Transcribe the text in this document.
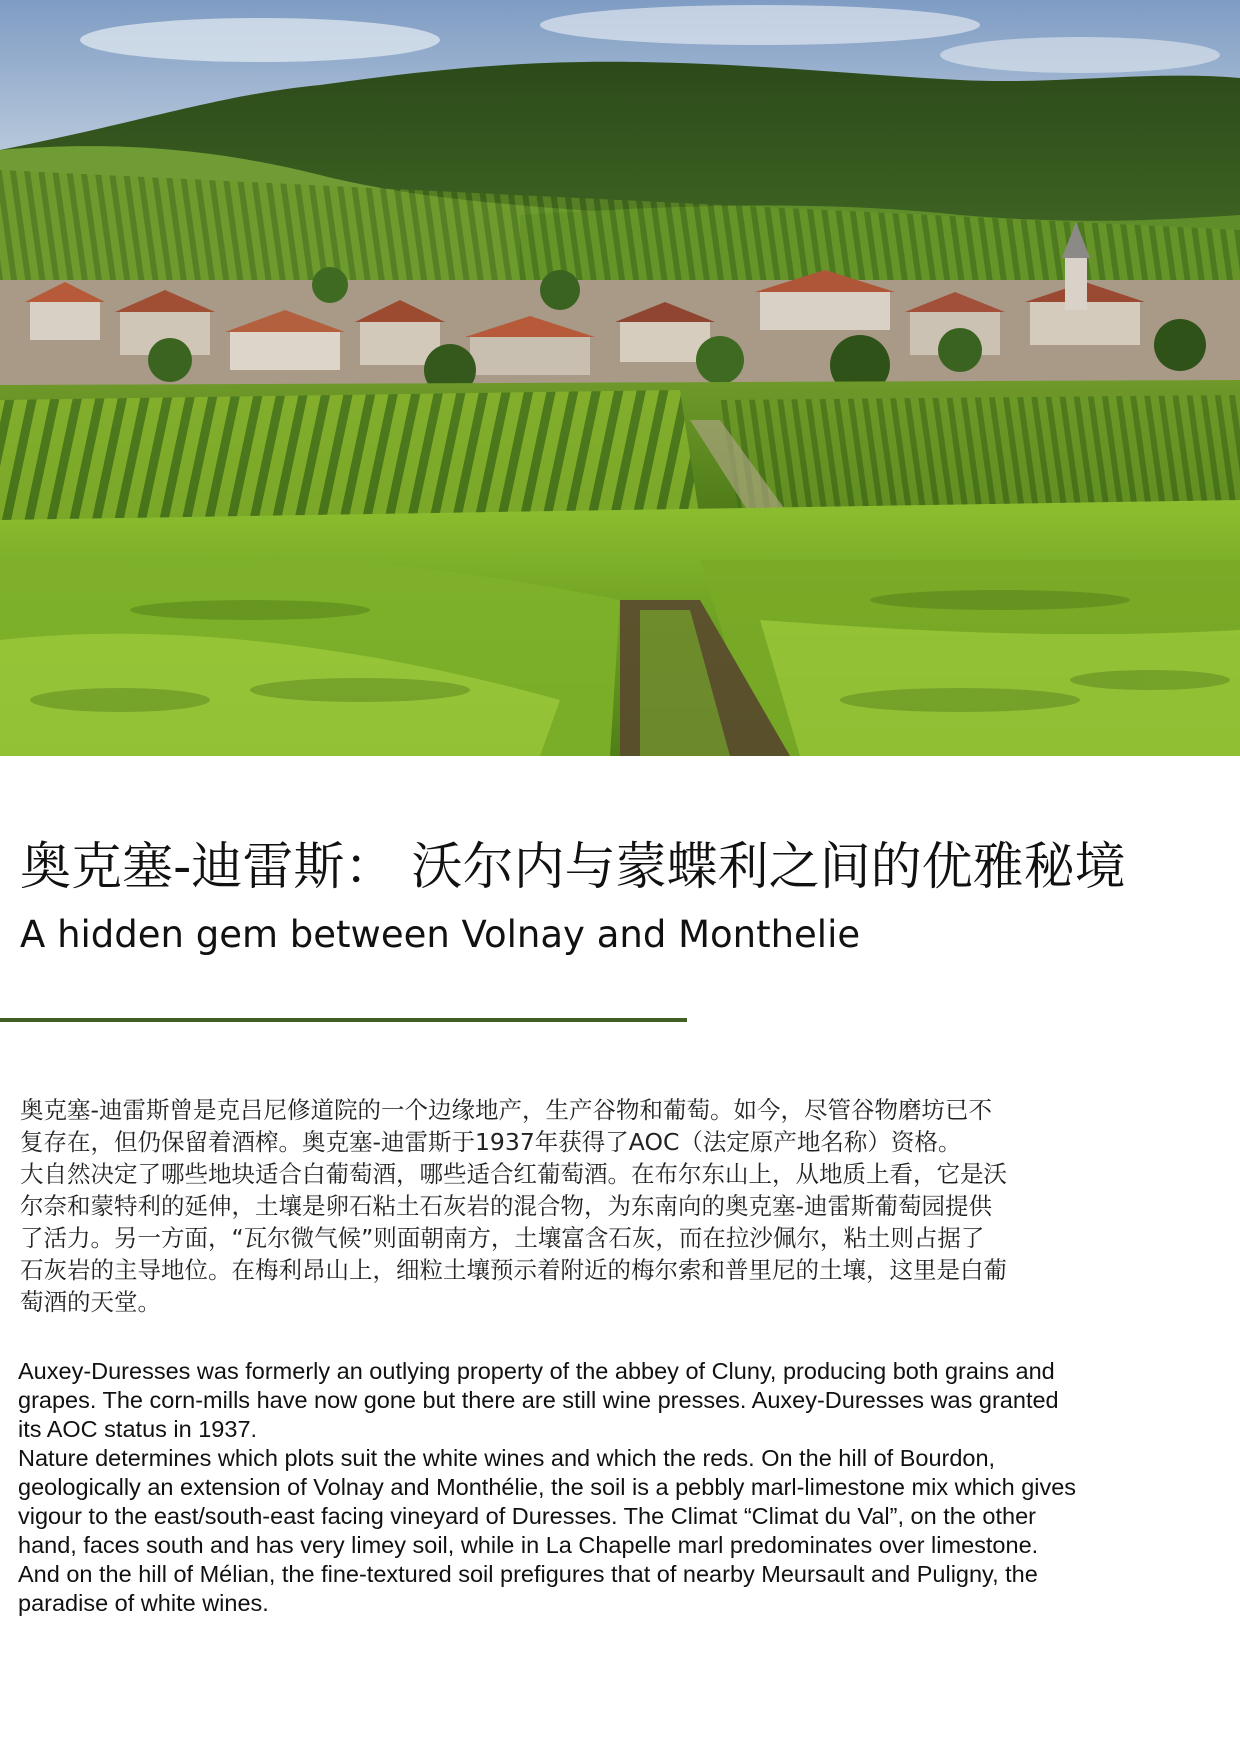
奥克塞-迪雷斯： 沃尔内与蒙蝶利之间的优雅秘境
A hidden gem between Volnay and Monthelie

奥克塞-迪雷斯曾是克吕尼修道院的一个边缘地产，生产谷物和葡萄。如今，尽管谷物磨坊已不
复存在，但仍保留着酒榨。奥克塞-迪雷斯于1937年获得了AOC（法定原产地名称）资格。
大自然决定了哪些地块适合白葡萄酒，哪些适合红葡萄酒。在布尔东山上，从地质上看，它是沃
尔奈和蒙特利的延伸，土壤是卵石粘土石灰岩的混合物，为东南向的奥克塞-迪雷斯葡萄园提供
了活力。另一方面，“瓦尔微气候”则面朝南方，土壤富含石灰，而在拉沙佩尔，粘土则占据了
石灰岩的主导地位。在梅利昂山上，细粒土壤预示着附近的梅尔索和普里尼的土壤，这里是白葡
萄酒的天堂。

Auxey-Duresses was formerly an outlying property of the abbey of Cluny, producing both grains and
grapes. The corn-mills have now gone but there are still wine presses. Auxey-Duresses was granted
its AOC status in 1937.
Nature determines which plots suit the white wines and which the reds. On the hill of Bourdon,
geologically an extension of Volnay and Monthélie, the soil is a pebbly marl-limestone mix which gives
vigour to the east/south-east facing vineyard of Duresses. The Climat “Climat du Val”, on the other
hand, faces south and has very limey soil, while in La Chapelle marl predominates over limestone.
And on the hill of Mélian, the fine-textured soil prefigures that of nearby Meursault and Puligny, the
paradise of white wines.
